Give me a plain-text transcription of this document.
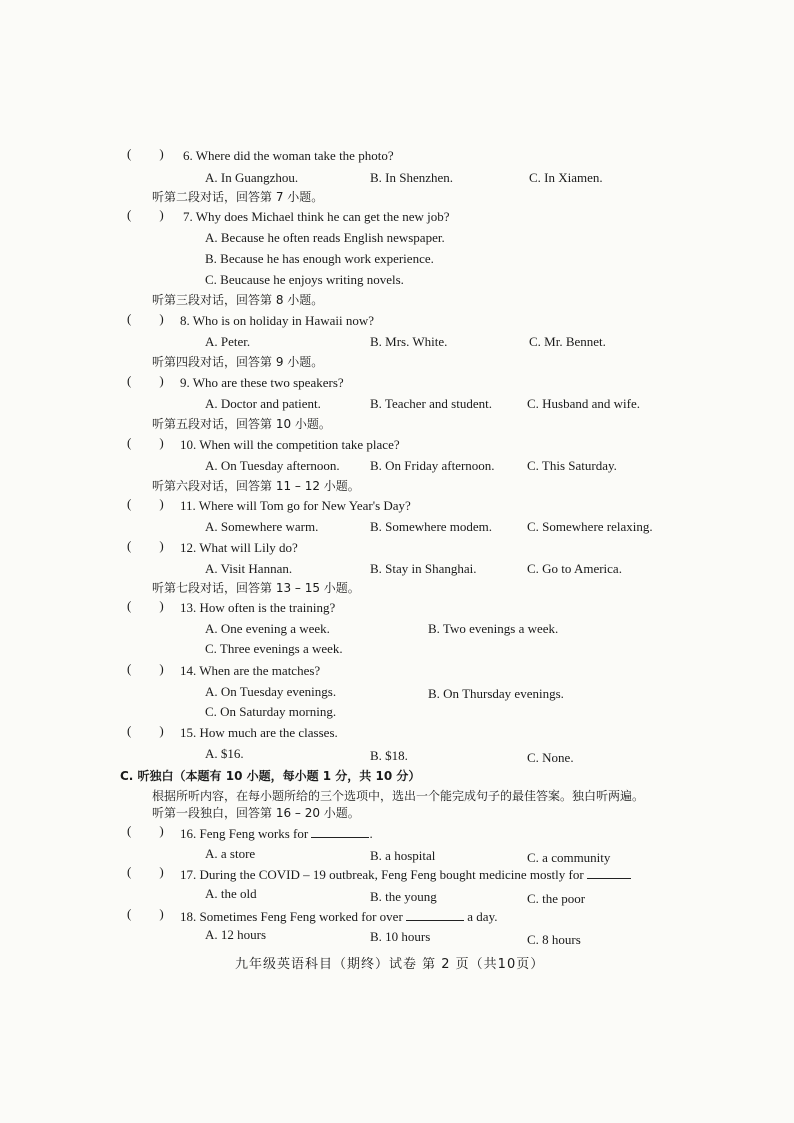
( ) 6. Where did the woman take the photo?
A. In Guangzhou.	B. In Shenzhen.	C. In Xiamen.
听第二段对话，回答第 7 小题。
( ) 7. Why does Michael think he can get the new job?
A. Because he often reads English newspaper.
B. Because he has enough work experience.
C. Beucause he enjoys writing novels.
听第三段对话，回答第 8 小题。
( ) 8. Who is on holiday in Hawaii now?
A. Peter.	B. Mrs. White.	C. Mr. Bennet.
听第四段对话，回答第 9 小题。
( ) 9. Who are these two speakers?
A. Doctor and patient.	B. Teacher and student.	C. Husband and wife.
听第五段对话，回答第 10 小题。
( ) 10. When will the competition take place?
A. On Tuesday afternoon. B. On Friday afternoon. C. This Saturday.
听第六段对话，回答第 11 – 12 小题。
( ) 11. Where will Tom go for New Year's Day?
A. Somewhere warm.	B. Somewhere modem.	C. Somewhere relaxing.
( ) 12. What will Lily do?
A. Visit Hannan.	B. Stay in Shanghai.	C. Go to America.
听第七段对话，回答第 13 – 15 小题。
( ) 13. How often is the training?
A. One evening a week.	B. Two evenings a week.
C. Three evenings a week.
( ) 14. When are the matches?
A. On Tuesday evenings.	B. On Thursday evenings.
C. On Saturday morning.
( ) 15. How much are the classes.
A. $16.	B. $18.	C. None.
C. 听独白（本题有 10 小题，每小题 1 分，共 10 分）
根据所听内容，在每小题所给的三个选项中，选出一个能完成句子的最佳答案。独白听两遍。
听第一段独白，回答第 16 – 20 小题。
( ) 16. Feng Feng works for	.
A. a store	B. a hospital	C. a community
( ) 17. During the COVID – 19 outbreak, Feng Feng bought medicine mostly for
A. the old	B. the young	C. the poor
( ) 18. Sometimes Feng Feng worked for over	a day.
A. 12 hours	B. 10 hours	C. 8 hours
九年级英语科目（期终）试卷 第 2 页（共10页）
